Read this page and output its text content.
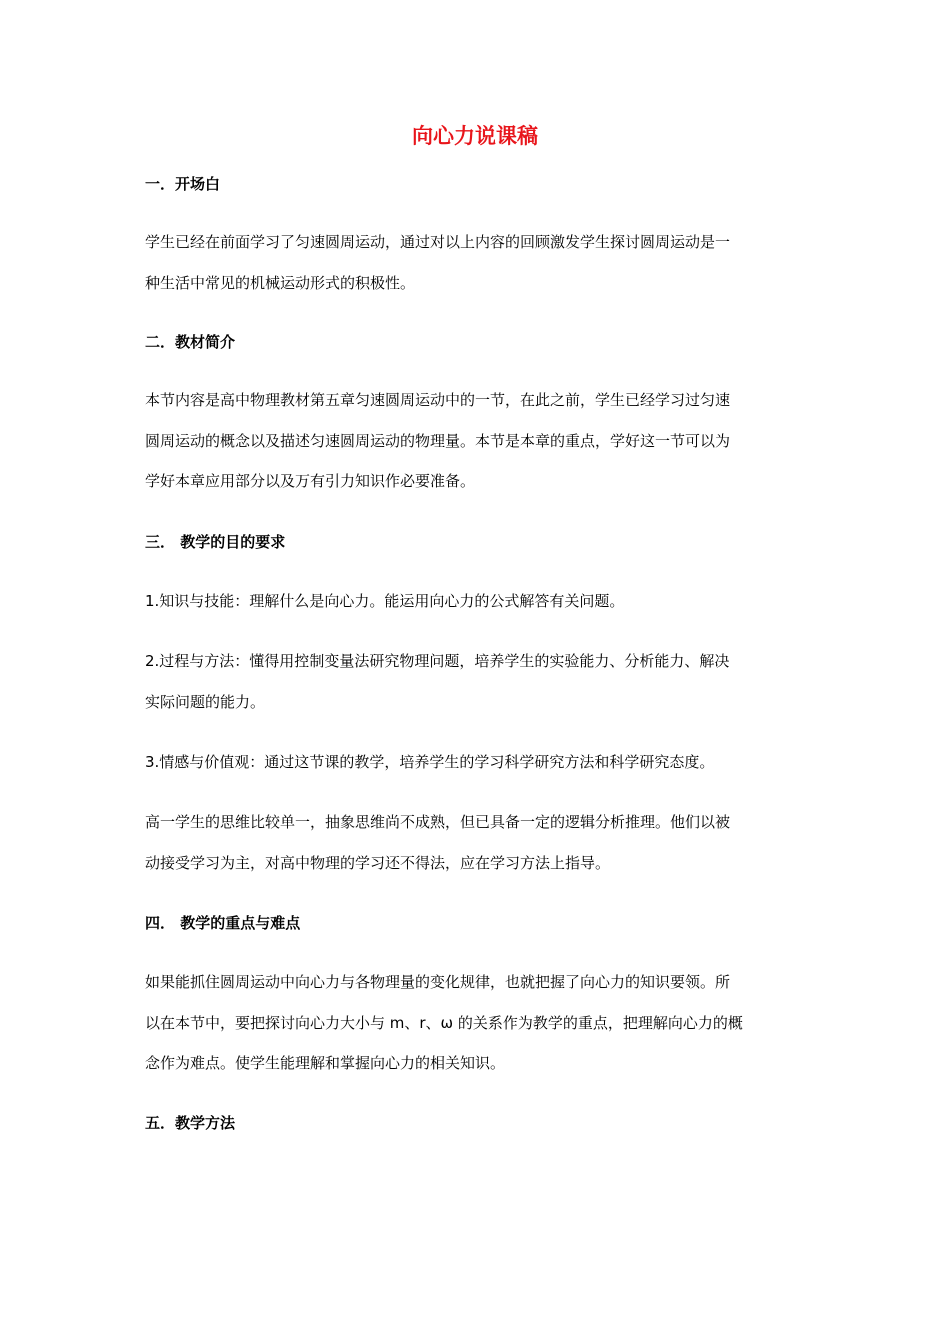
向心力说课稿
一．开场白

学生已经在前面学习了匀速圆周运动，通过对以上内容的回顾激发学生探讨圆周运动是一
种生活中常见的机械运动形式的积极性。

二．教材简介

本节内容是高中物理教材第五章匀速圆周运动中的一节，在此之前，学生已经学习过匀速
圆周运动的概念以及描述匀速圆周运动的物理量。本节是本章的重点，学好这一节可以为
学好本章应用部分以及万有引力知识作必要准备。

三． 教学的目的要求

1.知识与技能：理解什么是向心力。能运用向心力的公式解答有关问题。

2.过程与方法：懂得用控制变量法研究物理问题，培养学生的实验能力、分析能力、解决
实际问题的能力。

3.情感与价值观：通过这节课的教学，培养学生的学习科学研究方法和科学研究态度。

高一学生的思维比较单一，抽象思维尚不成熟，但已具备一定的逻辑分析推理。他们以被
动接受学习为主，对高中物理的学习还不得法，应在学习方法上指导。

四． 教学的重点与难点

如果能抓住圆周运动中向心力与各物理量的变化规律，也就把握了向心力的知识要领。所
以在本节中，要把探讨向心力大小与 m、r、ω 的关系作为教学的重点，把理解向心力的概
念作为难点。使学生能理解和掌握向心力的相关知识。

五．教学方法
